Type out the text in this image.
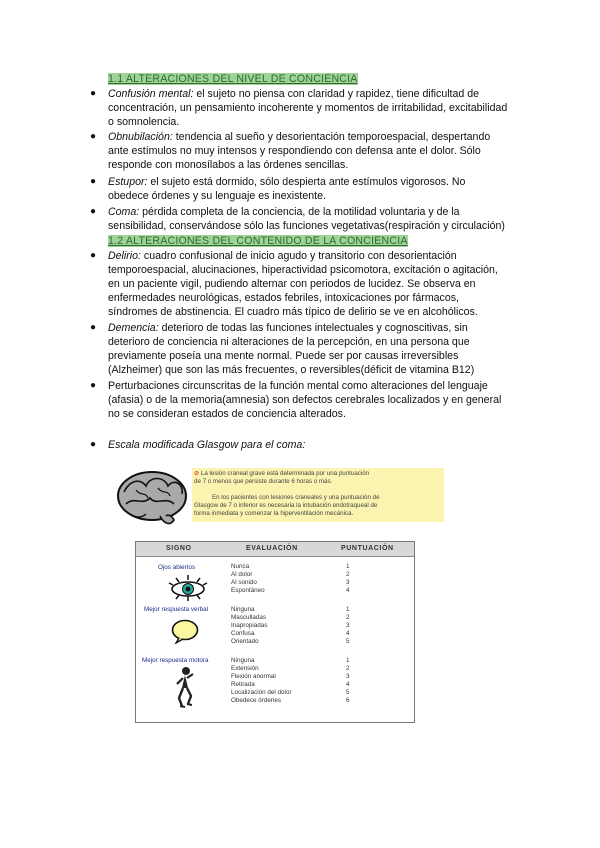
1.1 ALTERACIONES DEL NIVEL DE CONCIENCIA
● Confusión mental: el sujeto no piensa con claridad y rapidez, tiene dificultad de
concentración, un pensamiento incoherente y momentos de irritabilidad, excitabilidad
o somnolencia.
● Obnubilación: tendencia al sueño y desorientación temporoespacial, despertando
ante estímulos no muy intensos y respondiendo con defensa ante el dolor. Sólo
responde con monosílabos a las órdenes sencillas.
● Estupor: el sujeto está dormido, sólo despierta ante estímulos vigorosos. No
obedece órdenes y su lenguaje es inexistente.
● Coma: pérdida completa de la conciencia, de la motilidad voluntaria y de la
sensibilidad, conservándose sólo las funciones vegetativas(respiración y circulación)
1.2 ALTERACIONES DEL CONTENIDO DE LA CONCIENCIA
● Delirio: cuadro confusional de inicio agudo y transitorio con desorientación
temporoespacial, alucinaciones, hiperactividad psicomotora, excitación o agitación,
en un paciente vigil, pudiendo alternar con periodos de lucidez. Se observa en
enfermedades neurológicas, estados febriles, intoxicaciones por fármacos,
síndromes de abstinencia. El cuadro más típico de delirio se ve en alcohólicos.
● Demencia: deterioro de todas las funciones intelectuales y cognoscitivas, sin
deterioro de conciencia ni alteraciones de la percepción, en una persona que
previamente poseía una mente normal. Puede ser por causas irreversibles
(Alzheimer) que son las más frecuentes, o reversibles(déficit de vitamina B12)
● Perturbaciones circunscritas de la función mental como alteraciones del lenguaje
(afasia) o de la memoria(amnesia) son defectos cerebrales localizados y en general
no se consideran estados de conciencia alterados.
● Escala modificada Glasgow para el coma:
⊘ La lesión craneal grave está determinada por una puntuación
de 7 o menos que persiste durante 6 horas o más.
En los pacientes con lesiones craneales y una puntuación de
Glasgow de 7 o inferior es necesaria la intubación endotraqueal de
forma inmediata y comenzar la hiperventilación mecánica.
SIGNO	EVALUACIÓN	PUNTUACIÓN
Ojos abiertos	Nunca	1
Al dolor	2
Al sonido	3
Espontáneo	4
Mejor respuesta verbal	Ninguna	1
Masculladas	2
Inapropiadas	3
Confusa	4
Orientado	5
Mejor respuesta motora	Ninguna	1
Extensión	2
Flexión anormal	3
Retirada	4
Localización del dolor	5
Obedece órdenes	6
